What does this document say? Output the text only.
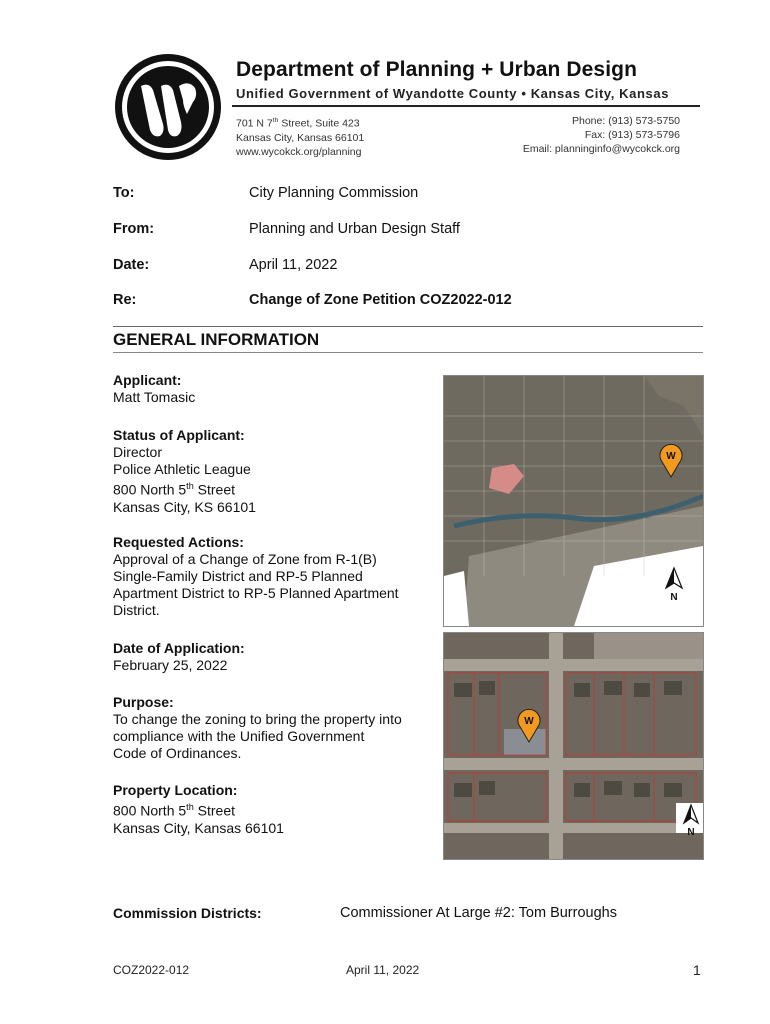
Department of Planning + Urban Design
Unified Government of Wyandotte County • Kansas City, Kansas
701 N 7th Street, Suite 423
Kansas City, Kansas 66101
www.wycokck.org/planning
Phone: (913) 573-5750
Fax: (913) 573-5796
Email: planninginfo@wycokck.org
To:	City Planning Commission
From:	Planning and Urban Design Staff
Date:	April 11, 2022
Re:	Change of Zone Petition COZ2022-012
GENERAL INFORMATION
Applicant:
Matt Tomasic
Status of Applicant:
Director
Police Athletic League
800 North 5th Street
Kansas City, KS 66101
Requested Actions:
Approval of a Change of Zone from R-1(B)
Single-Family District and RP-5 Planned
Apartment District to RP-5 Planned Apartment
District.
Date of Application:
February 25, 2022
Purpose:
To change the zoning to bring the property into
compliance with the Unified Government
Code of Ordinances.
Property Location:
800 North 5th Street
Kansas City, Kansas 66101
W
N
W
N
Commission Districts:	Commissioner At Large #2: Tom Burroughs
COZ2022-012	April 11, 2022	1
